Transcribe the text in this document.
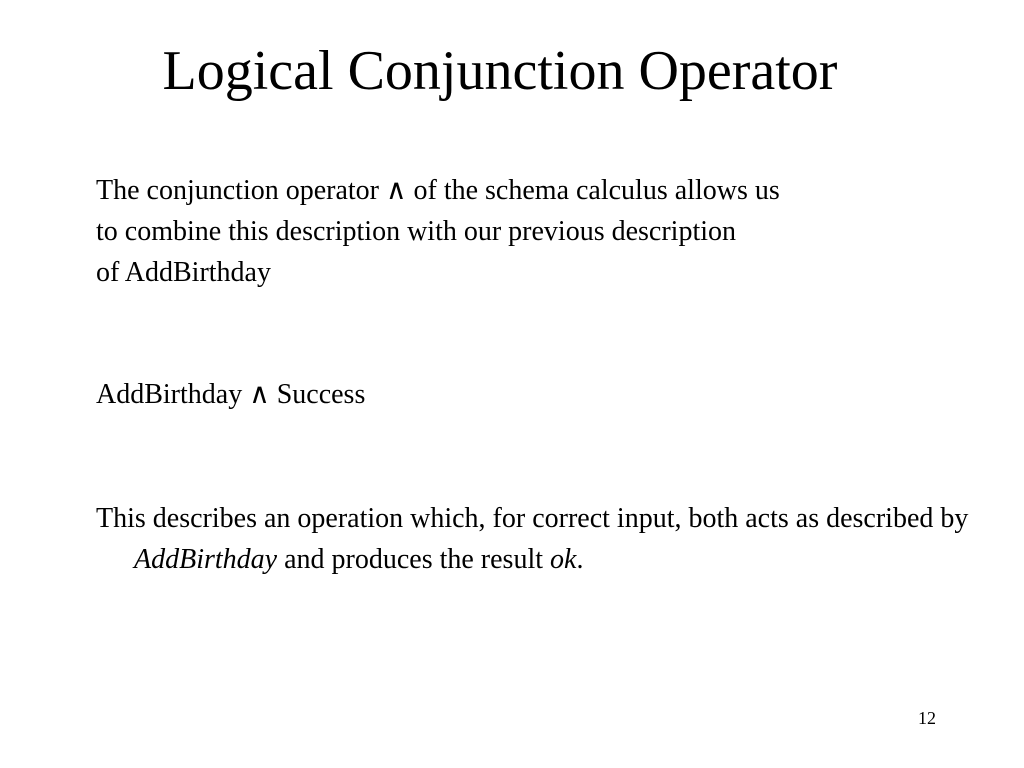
Logical Conjunction Operator

The conjunction operator ∧ of the schema calculus allows us
to combine this description with our previous description
of AddBirthday

AddBirthday ∧ Success

This describes an operation which, for correct input, both acts as described by AddBirthday and produces the result ok.

12
